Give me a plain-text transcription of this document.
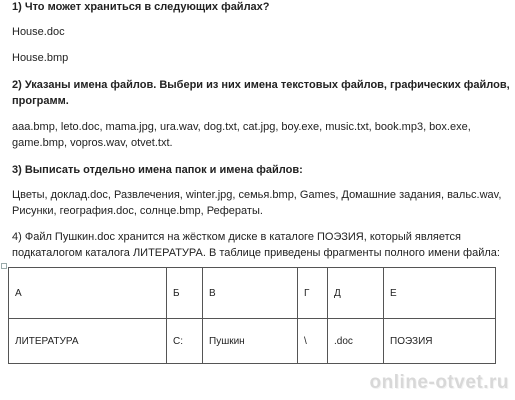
1) Что может храниться в следующих файлах?
House.doc
House.bmp
2) Указаны имена файлов. Выбери из них имена текстовых файлов, графических файлов,
программ.
aaa.bmp, leto.doc, mama.jpg, ura.wav, dog.txt, cat.jpg, boy.exe, music.txt, book.mp3, box.exe,
game.bmp, vopros.wav, otvet.txt.
3) Выписать отдельно имена папок и имена файлов:
Цветы, доклад.doc, Развлечения, winter.jpg, семья.bmp, Games, Домашние задания, вальс.wav,
Рисунки, география.doc, солнце.bmp, Рефераты.
4) Файл Пушкин.doc хранится на жёстком диске в каталоге ПОЭЗИЯ, который является
подкаталогом каталога ЛИТЕРАТУРА. В таблице приведены фрагменты полного имени файла:
А	Б	В	Г	Д	Е
ЛИТЕРАТУРА	С:	Пушкин	\	.doc	ПОЭЗИЯ
online-otvet.ru
